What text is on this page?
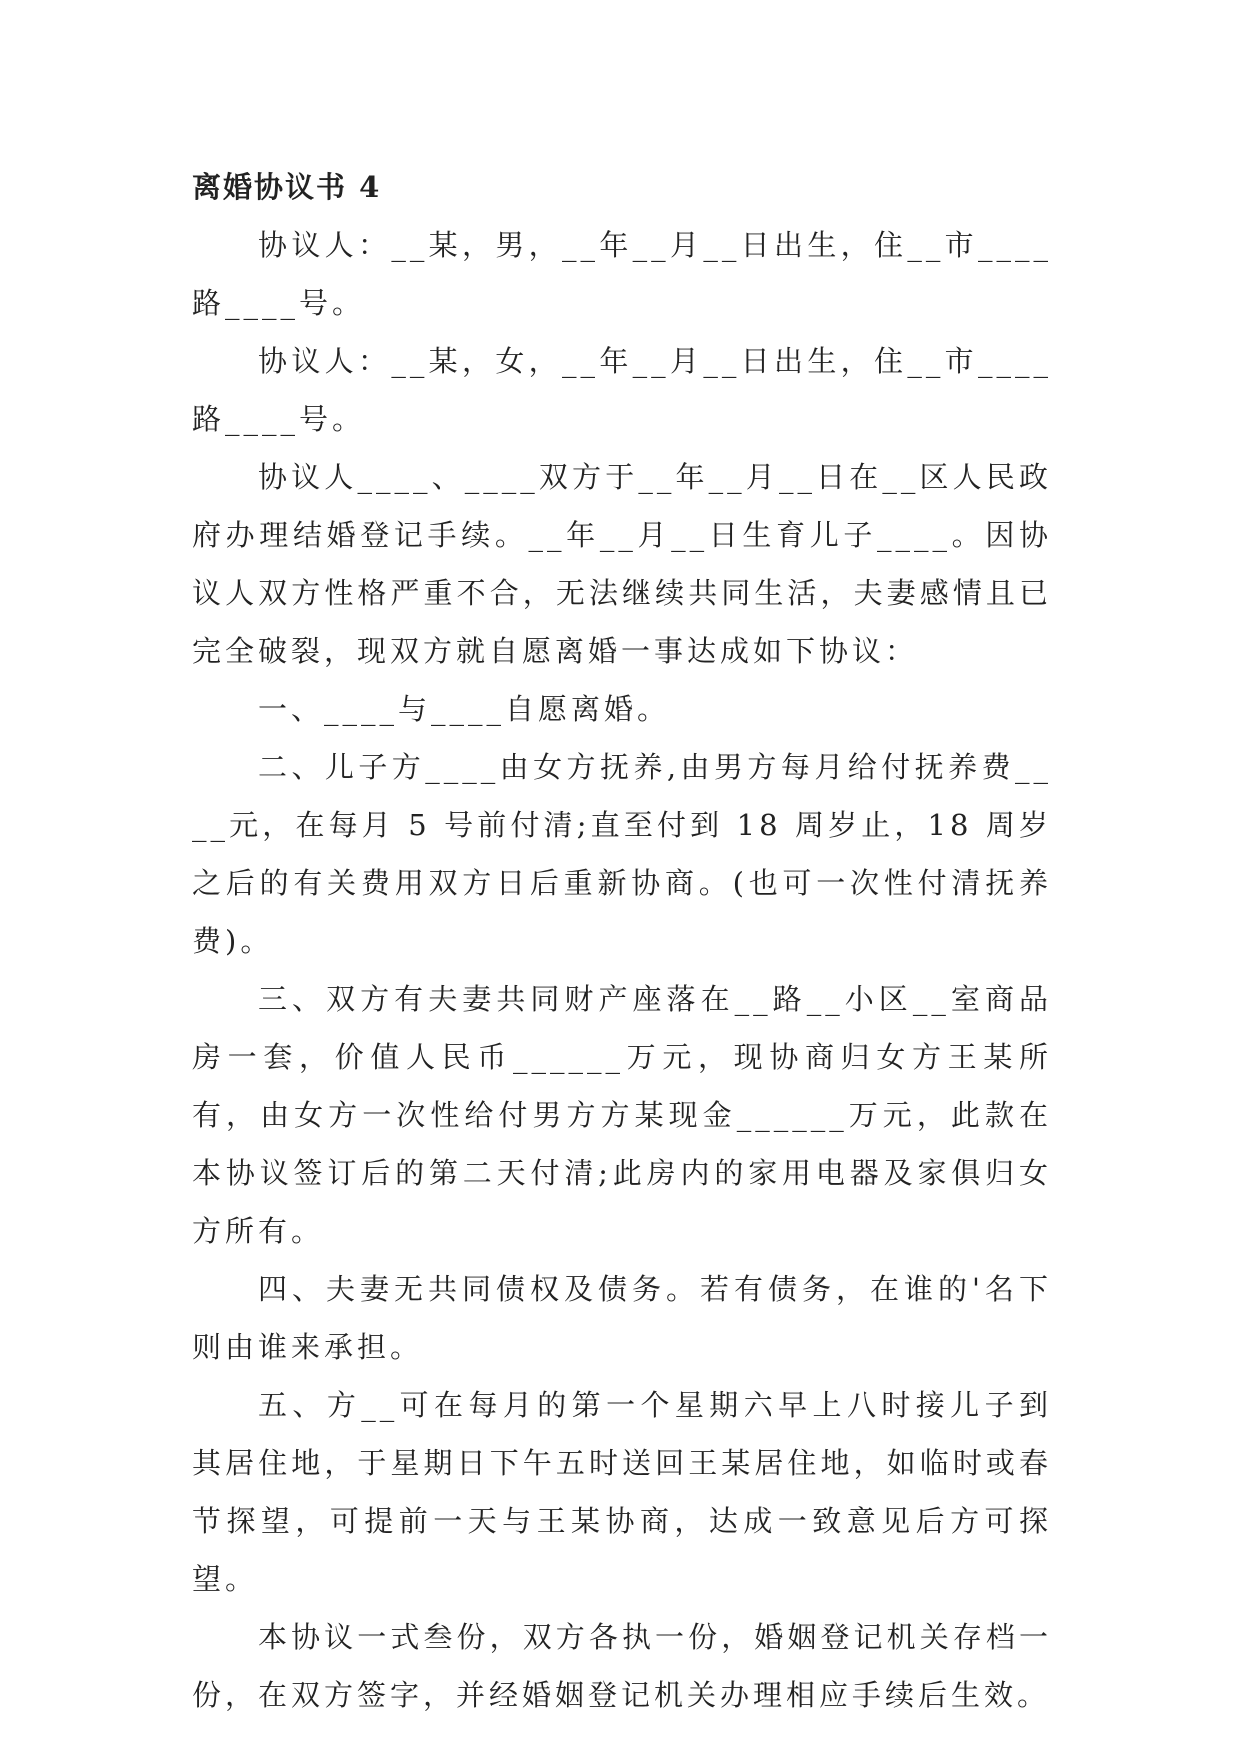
离婚协议书 4

协议人：__某，男，__年__月__日出生，住__市____路____号。

协议人：__某，女，__年__月__日出生，住__市____路____号。

协议人____、____双方于__年__月__日在__区人民政府办理结婚登记手续。__年__月__日生育儿子____。因协议人双方性格严重不合，无法继续共同生活，夫妻感情且已完全破裂，现双方就自愿离婚一事达成如下协议：

一、____与____自愿离婚。

二、儿子方____由女方抚养,由男方每月给付抚养费____元，在每月 5 号前付清;直至付到 18 周岁止，18 周岁之后的有关费用双方日后重新协商。(也可一次性付清抚养费)。

三、双方有夫妻共同财产座落在__路__小区__室商品房一套，价值人民币______万元，现协商归女方王某所有，由女方一次性给付男方方某现金______万元，此款在本协议签订后的第二天付清;此房内的家用电器及家俱归女方所有。

四、夫妻无共同债权及债务。若有债务，在谁的'名下则由谁来承担。

五、方__可在每月的第一个星期六早上八时接儿子到其居住地，于星期日下午五时送回王某居住地，如临时或春节探望，可提前一天与王某协商，达成一致意见后方可探望。

本协议一式叁份，双方各执一份，婚姻登记机关存档一份，在双方签字，并经婚姻登记机关办理相应手续后生效。
